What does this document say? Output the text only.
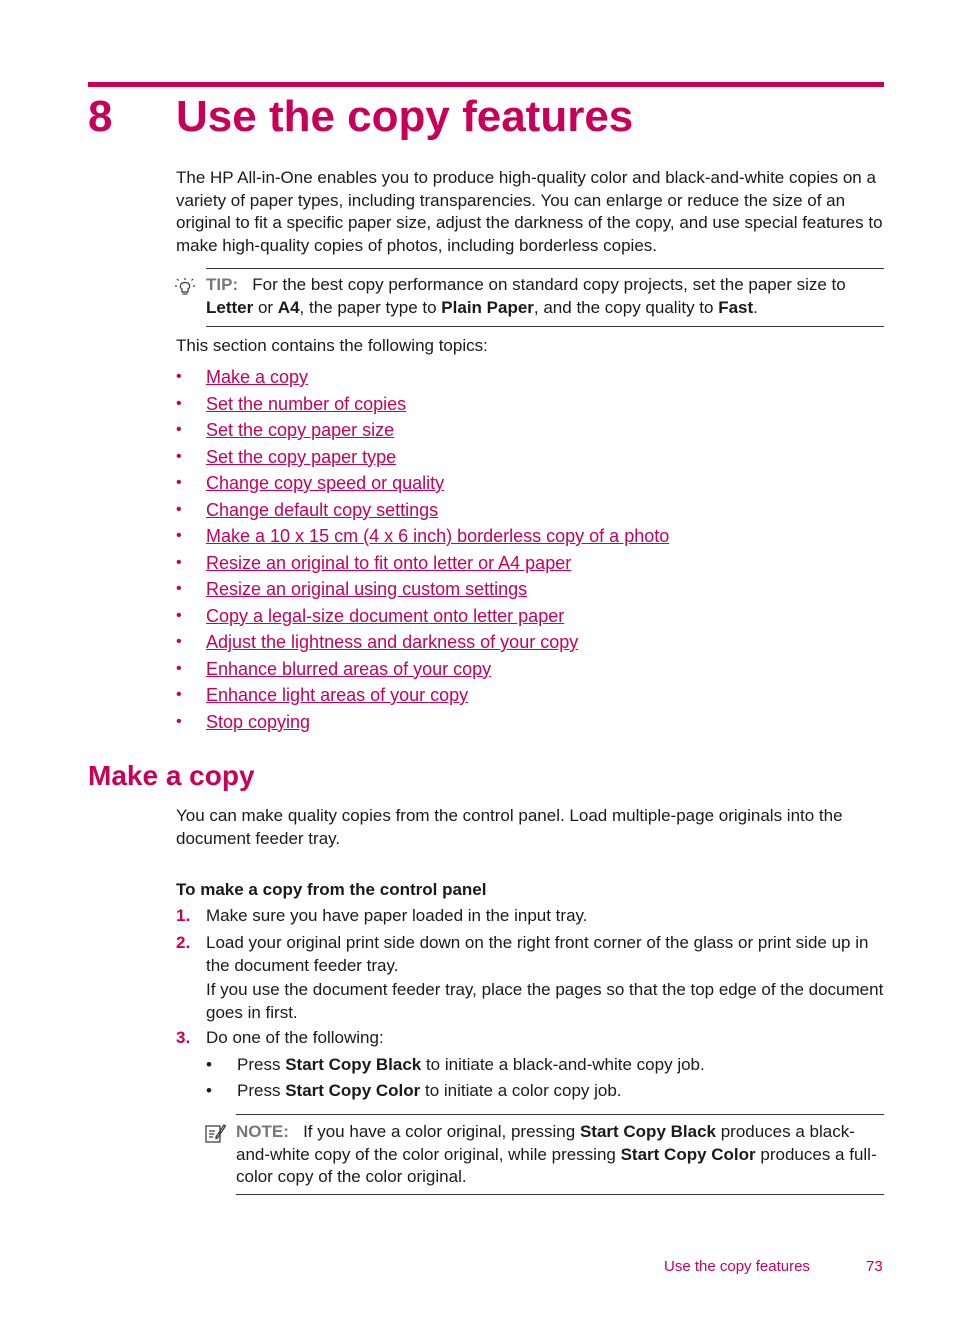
8 Use the copy features
The HP All-in-One enables you to produce high-quality color and black-and-white copies on a variety of paper types, including transparencies. You can enlarge or reduce the size of an original to fit a specific paper size, adjust the darkness of the copy, and use special features to make high-quality copies of photos, including borderless copies.
TIP: For the best copy performance on standard copy projects, set the paper size to Letter or A4, the paper type to Plain Paper, and the copy quality to Fast.
This section contains the following topics:
• Make a copy
• Set the number of copies
• Set the copy paper size
• Set the copy paper type
• Change copy speed or quality
• Change default copy settings
• Make a 10 x 15 cm (4 x 6 inch) borderless copy of a photo
• Resize an original to fit onto letter or A4 paper
• Resize an original using custom settings
• Copy a legal-size document onto letter paper
• Adjust the lightness and darkness of your copy
• Enhance blurred areas of your copy
• Enhance light areas of your copy
• Stop copying
Make a copy
You can make quality copies from the control panel. Load multiple-page originals into the document feeder tray.
To make a copy from the control panel
1. Make sure you have paper loaded in the input tray.
2. Load your original print side down on the right front corner of the glass or print side up in the document feeder tray.
If you use the document feeder tray, place the pages so that the top edge of the document goes in first.
3. Do one of the following:
• Press Start Copy Black to initiate a black-and-white copy job.
• Press Start Copy Color to initiate a color copy job.
NOTE: If you have a color original, pressing Start Copy Black produces a black-and-white copy of the color original, while pressing Start Copy Color produces a full-color copy of the color original.
Use the copy features	73
